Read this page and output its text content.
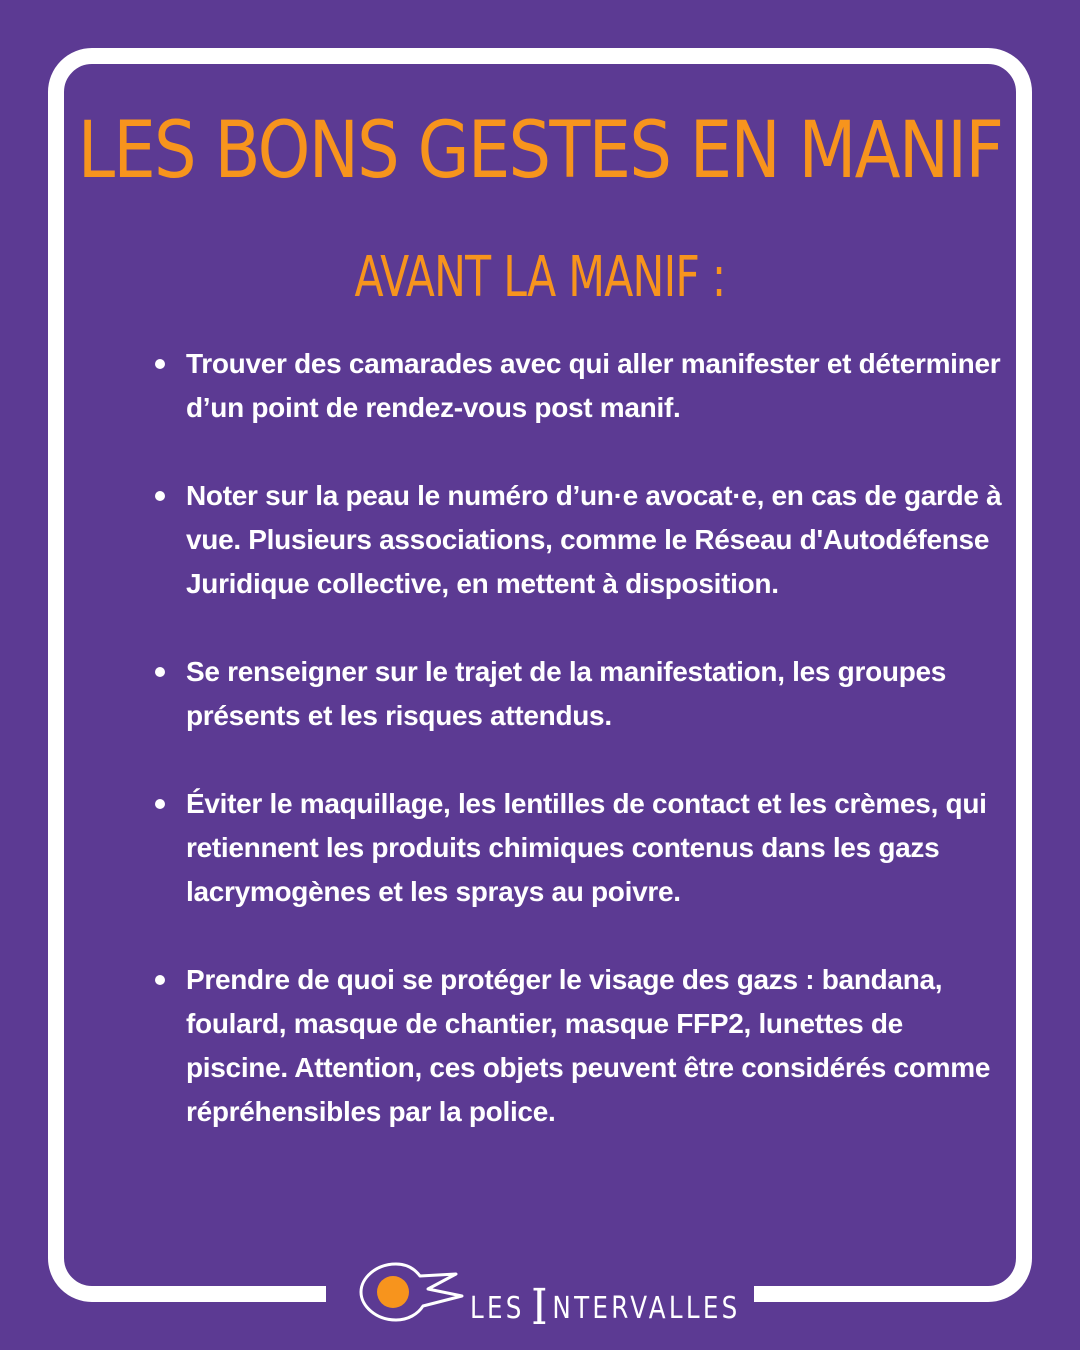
LES BONS GESTES EN MANIF
AVANT LA MANIF :
Trouver des camarades avec qui aller manifester et déterminer d’un point de rendez-vous post manif.
Noter sur la peau le numéro d’un·e avocat·e, en cas de garde à vue. Plusieurs associations, comme le Réseau d'Autodéfense Juridique collective, en mettent à disposition.
Se renseigner sur le trajet de la manifestation, les groupes présents et les risques attendus.
Éviter le maquillage, les lentilles de contact et les crèmes, qui retiennent les produits chimiques contenus dans les gazs lacrymogènes et les sprays au poivre.
Prendre de quoi se protéger le visage des gazs : bandana, foulard, masque de chantier, masque FFP2, lunettes de piscine. Attention, ces objets peuvent être considérés comme répréhensibles par la police.
LES INTERVALLES
